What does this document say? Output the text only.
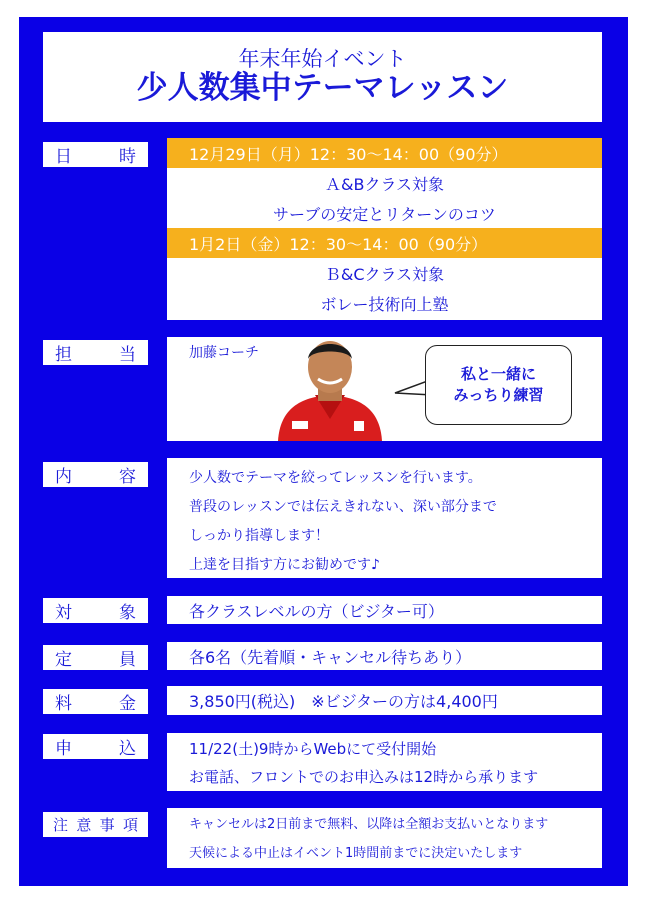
年末年始イベント
少人数集中テーマレッスン
日	時	12月29日（月）12：30～14：00（90分）
Ａ&Bクラス対象
サーブの安定とリターンのコツ
1月2日（金）12：30～14：00（90分）
Ｂ&Cクラス対象
ボレー技術向上塾
担	当	加藤コーチ
私と一緒に
みっちり練習
内	容	少人数でテーマを絞ってレッスンを行います。
普段のレッスンでは伝えきれない、深い部分まで
しっかり指導します！
上達を目指す方にお勧めです♪
対	象	各クラスレベルの方（ビジター可）
定	員	各6名（先着順・キャンセル待ちあり）
料	金	3,850円(税込)　※ビジターの方は4,400円
申	込	11/22(土)9時からWebにて受付開始
お電話、フロントでのお申込みは12時から承ります
注 意 事 項	キャンセルは2日前まで無料、以降は全額お支払いとなります
天候による中止はイベント1時間前までに決定いたします
